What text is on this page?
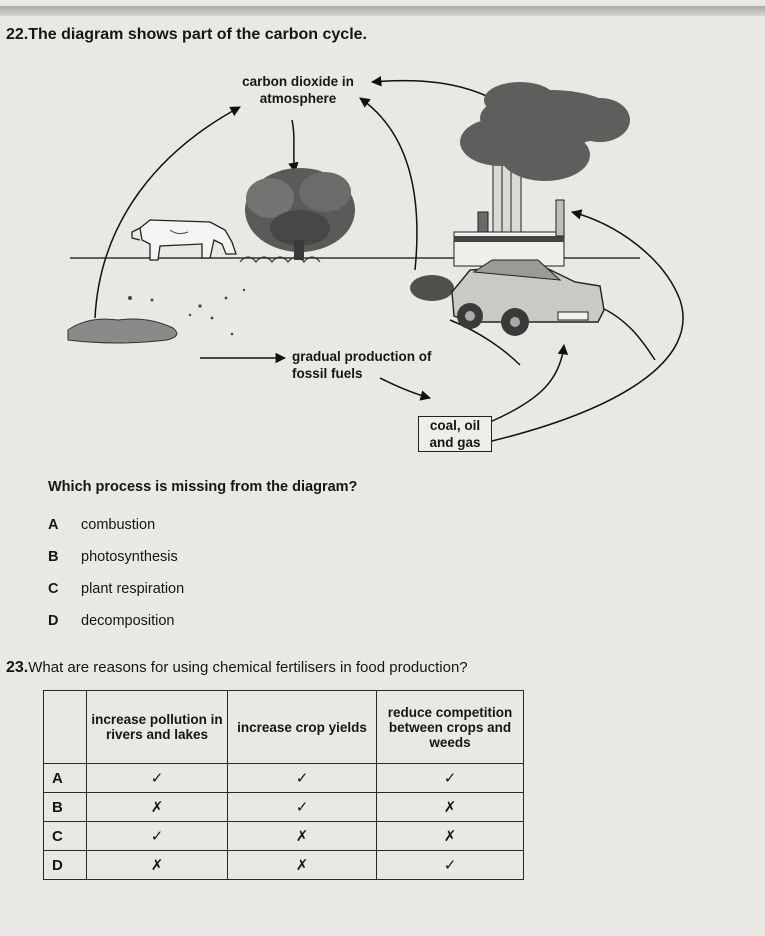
22.The diagram shows part of the carbon cycle.
carbon dioxide in
atmosphere
gradual production of
fossil fuels
coal, oil
and gas
Which process is missing from the diagram?
A combustion
B photosynthesis
C plant respiration
D decomposition
23.What are reasons for using chemical fertilisers in food production?
	increase pollution in rivers and lakes	increase crop yields	reduce competition between crops and weeds
A	✓	✓	✓
B	✗	✓	✗
C	✓	✗	✗
D	✗	✗	✓
